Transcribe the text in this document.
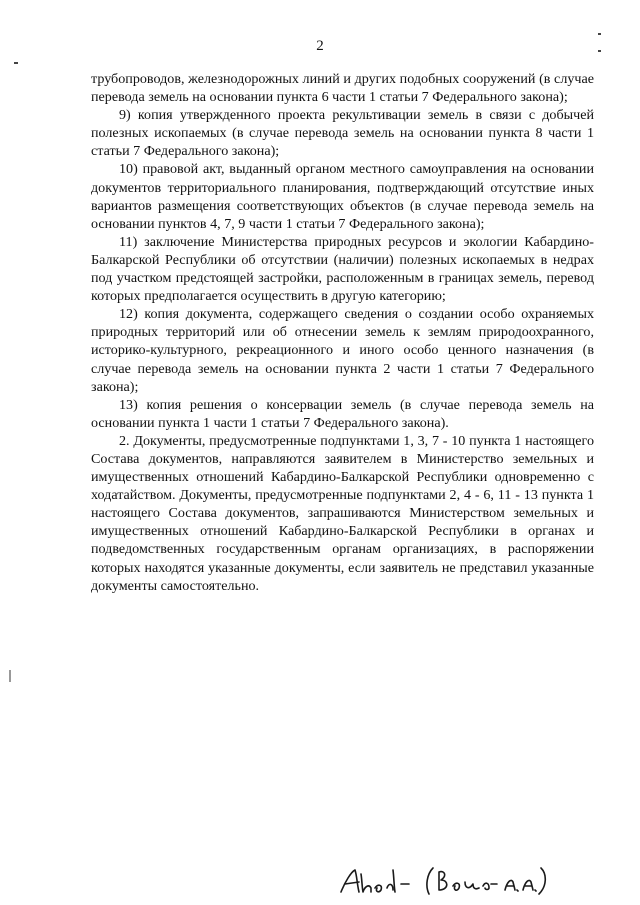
2

трубопроводов, железнодорожных линий и других подобных сооружений (в случае перевода земель на основании пункта 6 части 1 статьи 7 Федерального закона);

9) копия утвержденного проекта рекультивации земель в связи с добычей полезных ископаемых (в случае перевода земель на основании пункта 8 части 1 статьи 7 Федерального закона);

10) правовой акт, выданный органом местного самоуправления на основании документов территориального планирования, подтверждающий отсутствие иных вариантов размещения соответствующих объектов (в случае перевода земель на основании пунктов 4, 7, 9 части 1 статьи 7 Федерального закона);

11) заключение Министерства природных ресурсов и экологии Кабардино-Балкарской Республики об отсутствии (наличии) полезных ископаемых в недрах под участком предстоящей застройки, расположенным в границах земель, перевод которых предполагается осуществить в другую категорию;

12) копия документа, содержащего сведения о создании особо охраняемых природных территорий или об отнесении земель к землям природоохранного, историко-культурного, рекреационного и иного особо ценного назначения (в случае перевода земель на основании пункта 2 части 1 статьи 7 Федерального закона);

13) копия решения о консервации земель (в случае перевода земель на основании пункта 1 части 1 статьи 7 Федерального закона).

2. Документы, предусмотренные подпунктами 1, 3, 7 - 10 пункта 1 настоящего Состава документов, направляются заявителем в Министерство земельных и имущественных отношений Кабардино-Балкарской Республики одновременно с ходатайством. Документы, предусмотренные подпунктами 2, 4 - 6, 11 - 13 пункта 1 настоящего Состава документов, запрашиваются Министерством земельных и имущественных отношений Кабардино-Балкарской Республики в органах и подведомственных государственным органам организациях, в распоряжении которых находятся указанные документы, если заявитель не представил указанные документы самостоятельно.
